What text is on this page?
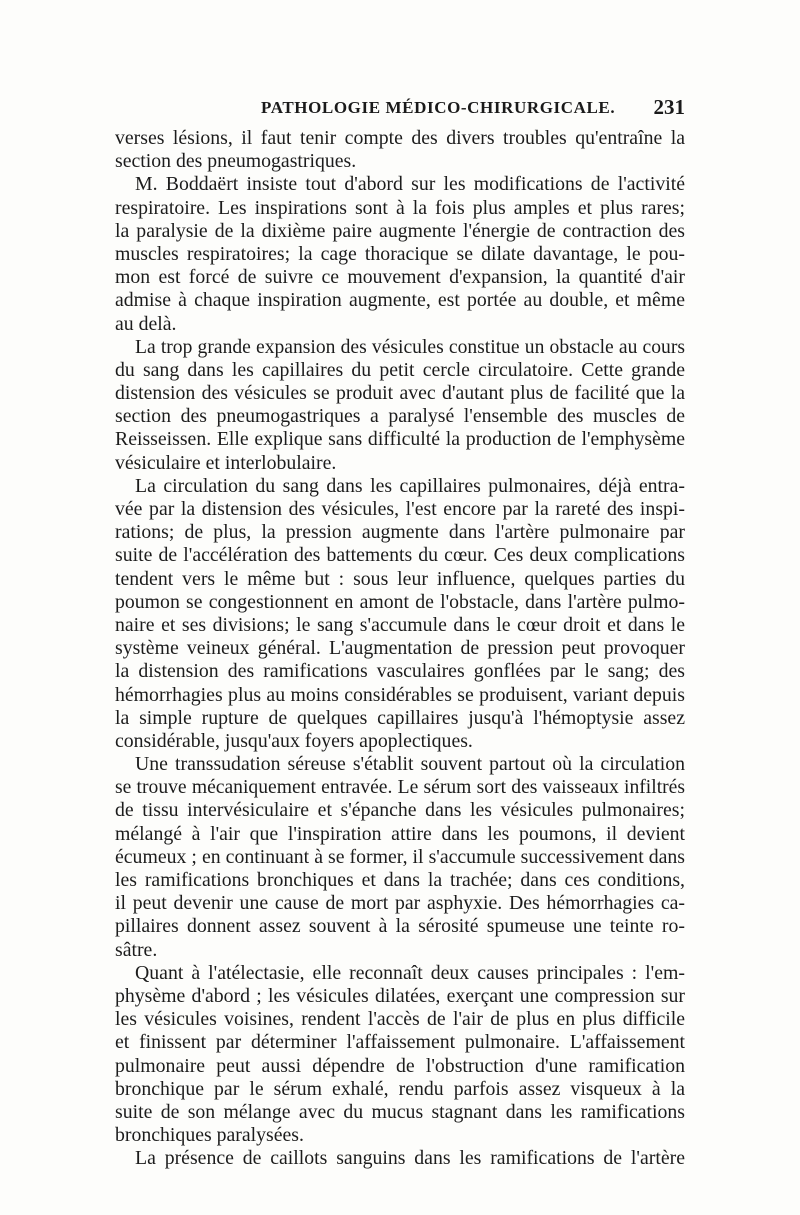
PATHOLOGIE MÉDICO-CHIRURGICALE. 231

verses lésions, il faut tenir compte des divers troubles qu'entraîne la

section des pneumogastriques.

M. Boddaërt insiste tout d'abord sur les modifications de l'activité

respiratoire. Les inspirations sont à la fois plus amples et plus rares;

la paralysie de la dixième paire augmente l'énergie de contraction des

muscles respiratoires; la cage thoracique se dilate davantage, le pou-

mon est forcé de suivre ce mouvement d'expansion, la quantité d'air

admise à chaque inspiration augmente, est portée au double, et même

au delà.

La trop grande expansion des vésicules constitue un obstacle au cours

du sang dans les capillaires du petit cercle circulatoire. Cette grande

distension des vésicules se produit avec d'autant plus de facilité que la

section des pneumogastriques a paralysé l'ensemble des muscles de

Reisseissen. Elle explique sans difficulté la production de l'emphysème

vésiculaire et interlobulaire.

La circulation du sang dans les capillaires pulmonaires, déjà entra-

vée par la distension des vésicules, l'est encore par la rareté des inspi-

rations; de plus, la pression augmente dans l'artère pulmonaire par

suite de l'accélération des battements du cœur. Ces deux complications

tendent vers le même but : sous leur influence, quelques parties du

poumon se congestionnent en amont de l'obstacle, dans l'artère pulmo-

naire et ses divisions; le sang s'accumule dans le cœur droit et dans le

système veineux général. L'augmentation de pression peut provoquer

la distension des ramifications vasculaires gonflées par le sang; des

hémorrhagies plus au moins considérables se produisent, variant depuis

la simple rupture de quelques capillaires jusqu'à l'hémoptysie assez

considérable, jusqu'aux foyers apoplectiques.

Une transsudation séreuse s'établit souvent partout où la circulation

se trouve mécaniquement entravée. Le sérum sort des vaisseaux infiltrés

de tissu intervésiculaire et s'épanche dans les vésicules pulmonaires;

mélangé à l'air que l'inspiration attire dans les poumons, il devient

écumeux ; en continuant à se former, il s'accumule successivement dans

les ramifications bronchiques et dans la trachée; dans ces conditions,

il peut devenir une cause de mort par asphyxie. Des hémorrhagies ca-

pillaires donnent assez souvent à la sérosité spumeuse une teinte ro-

sâtre.

Quant à l'atélectasie, elle reconnaît deux causes principales : l'em-

physème d'abord ; les vésicules dilatées, exerçant une compression sur

les vésicules voisines, rendent l'accès de l'air de plus en plus difficile

et finissent par déterminer l'affaissement pulmonaire. L'affaissement

pulmonaire peut aussi dépendre de l'obstruction d'une ramification

bronchique par le sérum exhalé, rendu parfois assez visqueux à la

suite de son mélange avec du mucus stagnant dans les ramifications

bronchiques paralysées.

La présence de caillots sanguins dans les ramifications de l'artère
